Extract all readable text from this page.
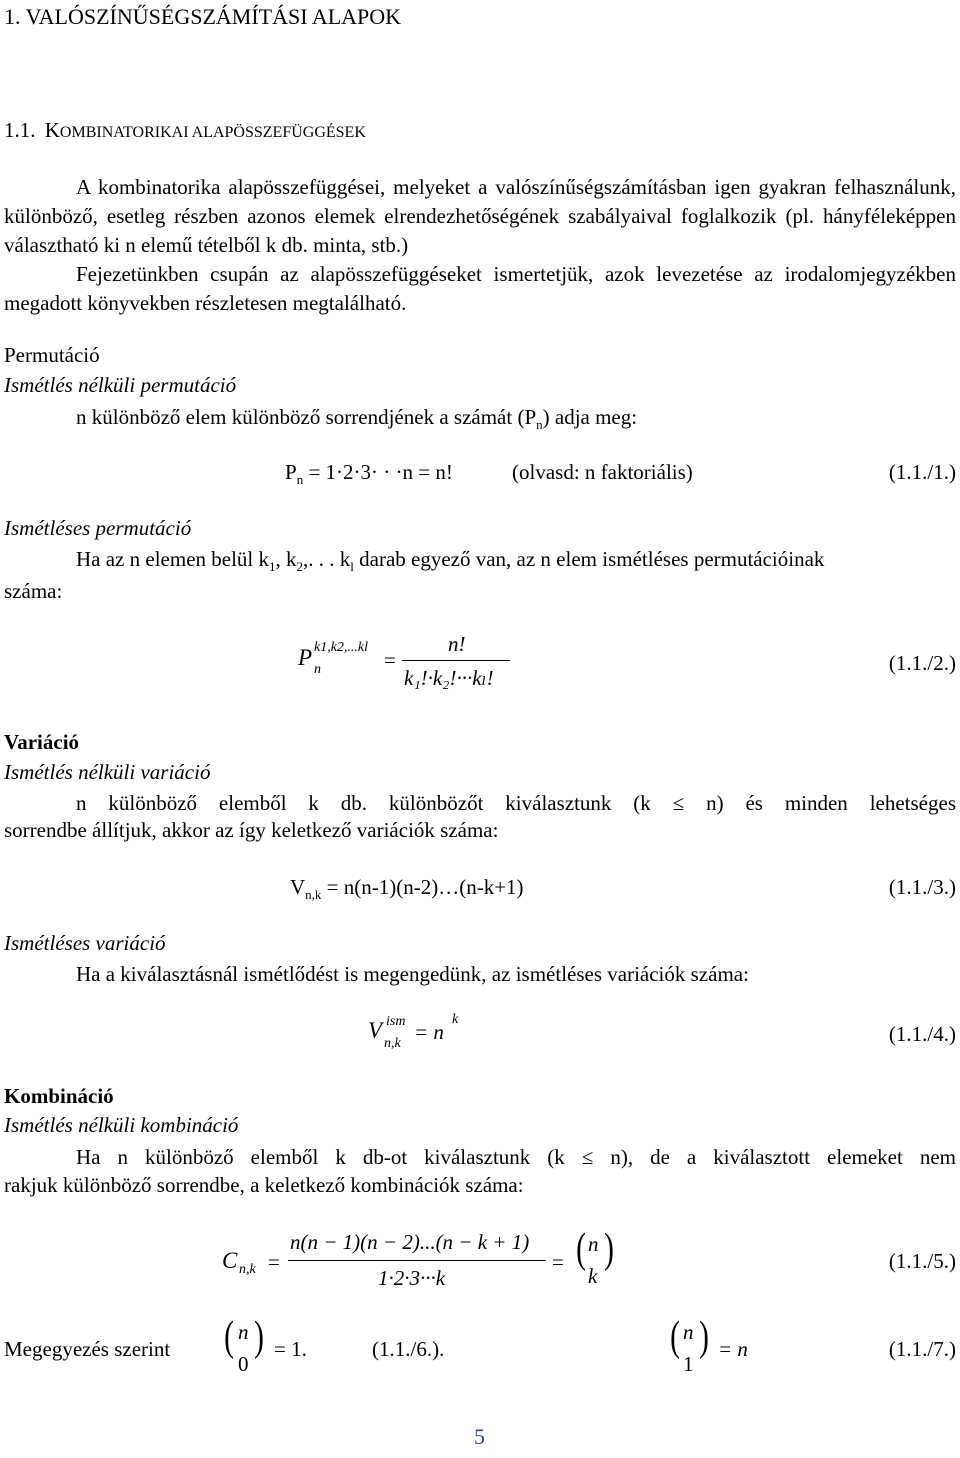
1. VALÓSZÍNŰSÉGSZÁMÍTÁSI ALAPOK
1.1. KOMBINATORIKAI ALAPÖSSZEFÜGGÉSEK
A kombinatorika alapösszefüggései, melyeket a valószínűségszámításban igen gyakran felhasználunk, különböző, esetleg részben azonos elemek elrendezhetőségének szabályaival foglalkozik (pl. hányféleképpen választható ki n elemű tételből k db. minta, stb.)
Fejezetünkben csupán az alapösszefüggéseket ismertetjük, azok levezetése az irodalomjegyzékben megadott könyvekben részletesen megtalálható.
Permutáció
Ismétlés nélküli permutáció
n különböző elem különböző sorrendjének a számát $(P_n)$ adja meg:
$P_n = 1\cdot 2\cdot 3\cdot \cdot \cdot n = n$!	(olvasd: n faktoriális)	(1.1./1.)
Ismétléses permutáció
Ha az n elemen belül $k_1$, $k_2$,. . . $k_l$ darab egyező van, az n elem ismétléses permutációinak
száma:
P k1,k2,...kl
n	=
n!
k₁!·k₂!···kₗ!
(1.1./2.)
Variáció
Ismétlés nélküli variáció
n különböző elemből k db. különbözőt kiválasztunk (k ≤ n) és minden lehetséges
sorrendbe állítjuk, akkor az így keletkező variációk száma:
$V_{n,k}$ = n(n-1)(n-2)…(n-k+1)	(1.1./3.)
Ismétléses variáció
Ha a kiválasztásnál ismétlődést is megengedünk, az ismétléses variációk száma:
V ism
n,k = n
k
(1.1./4.)
Kombináció
Ismétlés nélküli kombináció
Ha n különböző elemből k db-ot kiválasztunk (k ≤ n), de a kiválasztott elemeket nem
rakjuk különböző sorrendbe, a keletkező kombinációk száma:
C n,k =
n(n − 1)(n − 2)...(n − k + 1)
1·2·3···k
= ( n
k
)	(1.1./5.)
Megegyezés szerint ( n
0
) = 1.	(1.1./6.).	( n
1
) = n	(1.1./7.)
5
